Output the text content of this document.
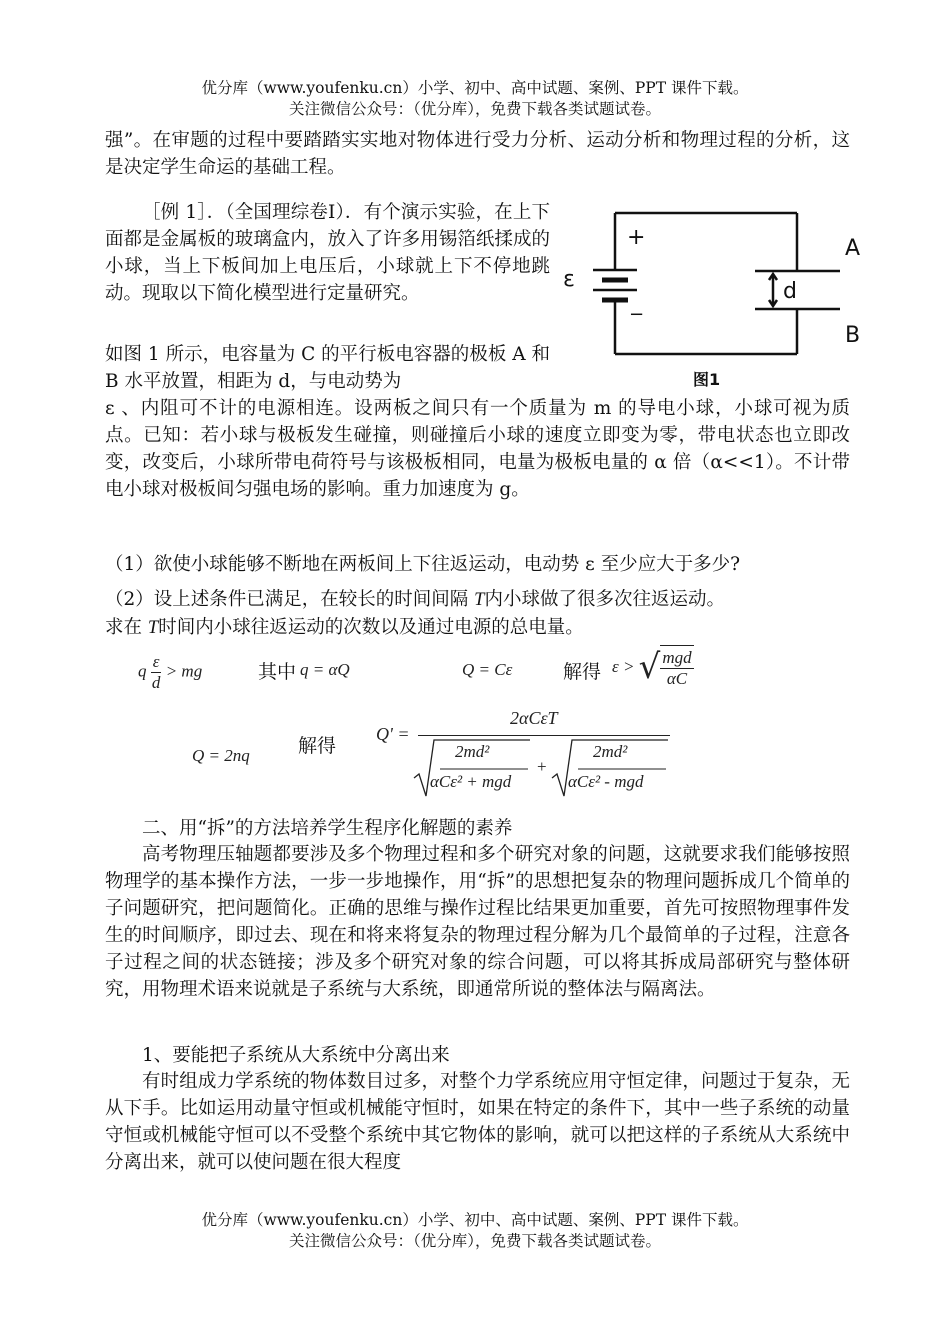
优分库（www.youfenku.cn）小学、初中、高中试题、案例、PPT 课件下载。
关注微信公众号：（优分库），免费下载各类试题试卷。
强”。在审题的过程中要踏踏实实地对物体进行受力分析、运动分析和物理过程的分析，这是决定学生命运的基础工程。
［例 1］．（全国理综卷Ⅰ）．有个演示实验，在上下面都是金属板的玻璃盒内，放入了许多用锡箔纸揉成的小球，当上下板间加上电压后，小球就上下不停地跳动。现取以下简化模型进行定量研究。
如图 1 所示，电容量为 C 的平行板电容器的极板 A 和 B 水平放置，相距为 d，与电动势为
ε 、内阻可不计的电源相连。设两板之间只有一个质量为 m 的导电小球，小球可视为质点。已知：若小球与极板发生碰撞，则碰撞后小球的速度立即变为零，带电状态也立即改变，改变后，小球所带电荷符号与该极板相同，电量为极板电量的 α 倍（α<<1）。不计带电小球对极板间匀强电场的影响。重力加速度为 g。
+
−
ε	d
A
B
图1
（1）欲使小球能够不断地在两板间上下往返运动，电动势 ε 至少应大于多少?
（2）设上述条件已满足，在较长的时间间隔 T内小球做了很多次往返运动。
求在 T时间内小球往返运动的次数以及通过电源的总电量。
q $\frac{\varepsilon}{d}$ > mg	其中 q = αQ	Q = Cε	解得 ε > √ $\frac{\text{mgd}}{\alpha C}$
Q = 2nq	解得
Q' =
2αCεT
2md²
αCε² + mgd
+
2md²
αCε² - mgd
二、用“拆”的方法培养学生程序化解题的素养
高考物理压轴题都要涉及多个物理过程和多个研究对象的问题，这就要求我们能够按照物理学的基本操作方法，一步一步地操作，用“拆”的思想把复杂的物理问题拆成几个简单的子问题研究，把问题简化。正确的思维与操作过程比结果更加重要，首先可按照物理事件发生的时间顺序，即过去、现在和将来将复杂的物理过程分解为几个最简单的子过程，注意各子过程之间的状态链接；涉及多个研究对象的综合问题，可以将其拆成局部研究与整体研究，用物理术语来说就是子系统与大系统，即通常所说的整体法与隔离法。
1、要能把子系统从大系统中分离出来
有时组成力学系统的物体数目过多，对整个力学系统应用守恒定律，问题过于复杂，无从下手。比如运用动量守恒或机械能守恒时，如果在特定的条件下，其中一些子系统的动量守恒或机械能守恒可以不受整个系统中其它物体的影响，就可以把这样的子系统从大系统中分离出来，就可以使问题在很大程度
优分库（www.youfenku.cn）小学、初中、高中试题、案例、PPT 课件下载。
关注微信公众号：（优分库），免费下载各类试题试卷。
